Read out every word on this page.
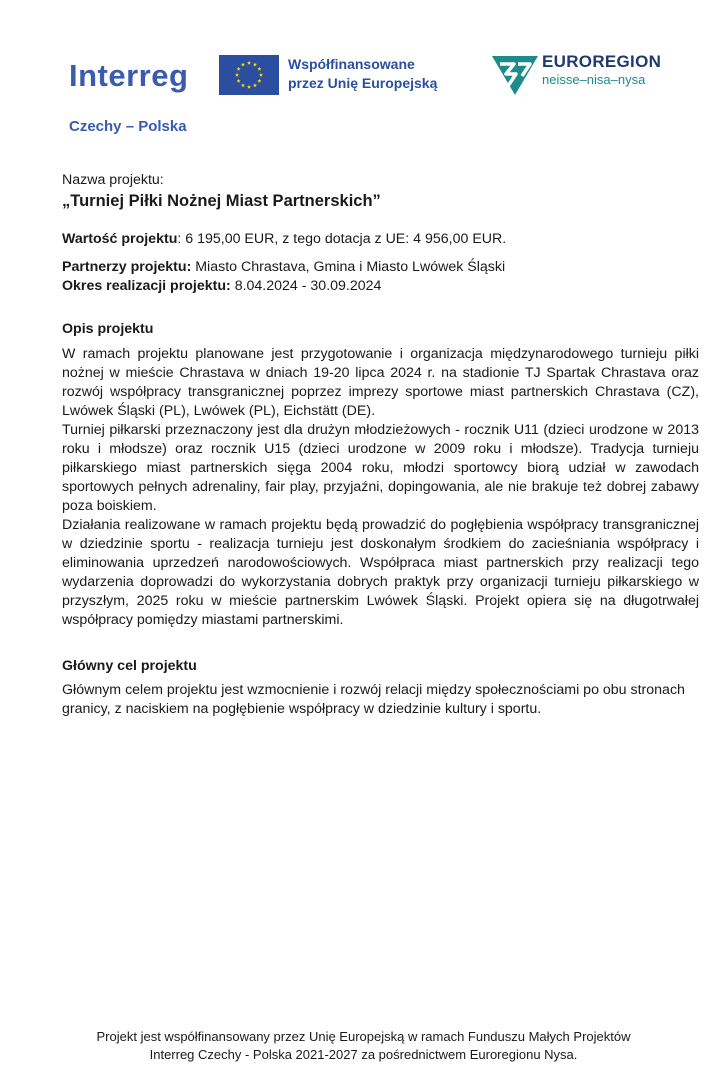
Interreg	Współfinansowane
przez Unię Europejską
Czechy – Polska
EUROREGION
neisse–nisa–nysa
Nazwa projektu:
„Turniej Piłki Nożnej Miast Partnerskich”
Wartość projektu: 6 195,00 EUR, z tego dotacja z UE: 4 956,00 EUR.
Partnerzy projektu: Miasto Chrastava, Gmina i Miasto Lwówek Śląski
Okres realizacji projektu: 8.04.2024 - 30.09.2024
Opis projektu

W ramach projektu planowane jest przygotowanie i organizacja międzynarodowego turnieju piłki nożnej w mieście Chrastava w dniach 19-20 lipca 2024 r. na stadionie TJ Spartak Chrastava oraz rozwój współpracy transgranicznej poprzez imprezy sportowe miast partnerskich Chrastava (CZ), Lwówek Śląski (PL), Lwówek (PL), Eichstätt (DE).

Turniej piłkarski przeznaczony jest dla drużyn młodzieżowych - rocznik U11 (dzieci urodzone w 2013 roku i młodsze) oraz rocznik U15 (dzieci urodzone w 2009 roku i młodsze). Tradycja turnieju piłkarskiego miast partnerskich sięga 2004 roku, młodzi sportowcy biorą udział w zawodach sportowych pełnych adrenaliny, fair play, przyjaźni, dopingowania, ale nie brakuje też dobrej zabawy poza boiskiem.

Działania realizowane w ramach projektu będą prowadzić do pogłębienia współpracy transgranicznej w dziedzinie sportu - realizacja turnieju jest doskonałym środkiem do zacieśniania współpracy i eliminowania uprzedzeń narodowościowych. Współpraca miast partnerskich przy realizacji tego wydarzenia doprowadzi do wykorzystania dobrych praktyk przy organizacji turnieju piłkarskiego w przyszłym, 2025 roku w mieście partnerskim Lwówek Śląski. Projekt opiera się na długotrwałej współpracy pomiędzy miastami partnerskimi.

Główny cel projektu

Głównym celem projektu jest wzmocnienie i rozwój relacji między społecznościami po obu stronach granicy, z naciskiem na pogłębienie współpracy w dziedzinie kultury i sportu.

Projekt jest współfinansowany przez Unię Europejską w ramach Funduszu Małych Projektów
Interreg Czechy - Polska 2021-2027 za pośrednictwem Euroregionu Nysa.
